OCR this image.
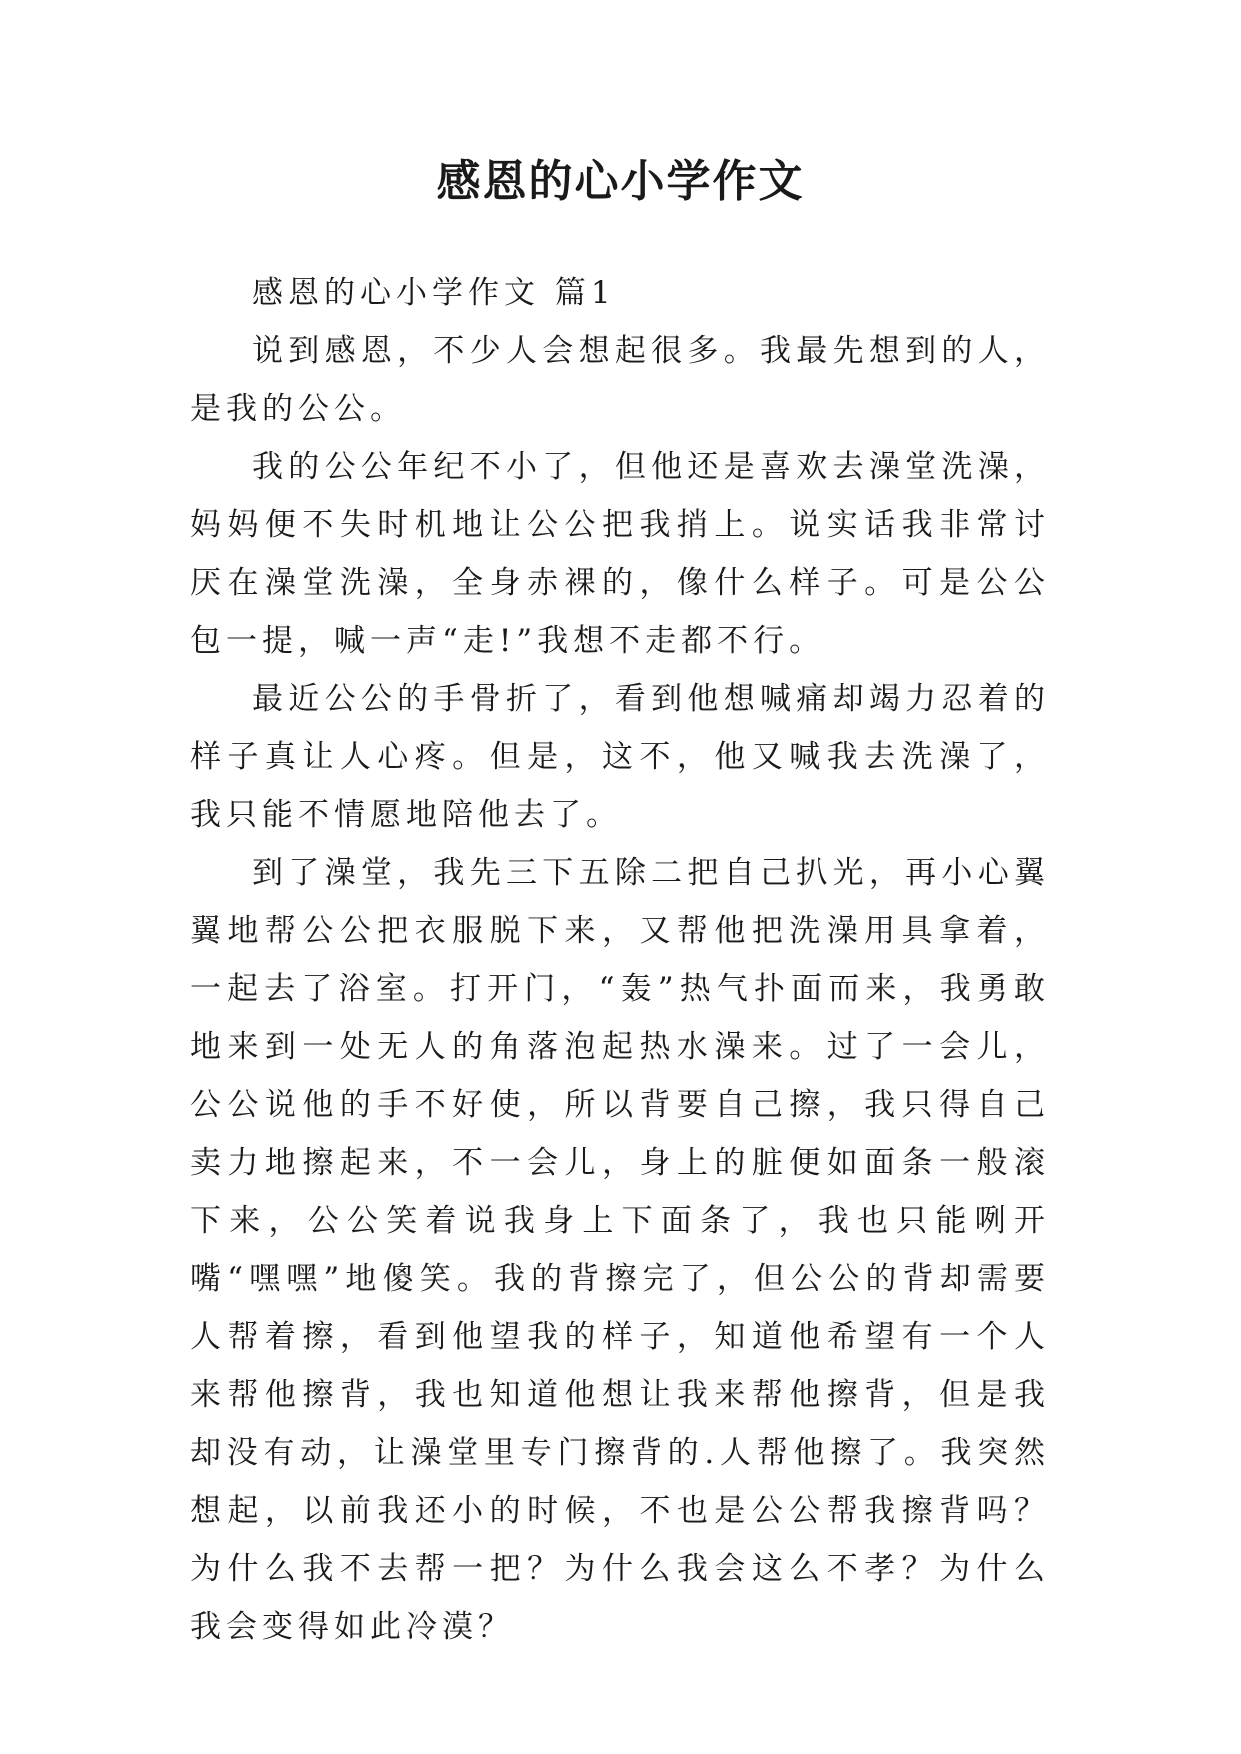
感恩的心小学作文

感恩的心小学作文 篇1

说到感恩，不少人会想起很多。我最先想到的人，是我的公公。

我的公公年纪不小了，但他还是喜欢去澡堂洗澡，妈妈便不失时机地让公公把我捎上。说实话我非常讨厌在澡堂洗澡，全身赤裸的，像什么样子。可是公公包一提，喊一声“走!”我想不走都不行。

最近公公的手骨折了，看到他想喊痛却竭力忍着的样子真让人心疼。但是，这不，他又喊我去洗澡了，我只能不情愿地陪他去了。

到了澡堂，我先三下五除二把自己扒光，再小心翼翼地帮公公把衣服脱下来，又帮他把洗澡用具拿着，一起去了浴室。打开门，“轰”热气扑面而来，我勇敢地来到一处无人的角落泡起热水澡来。过了一会儿，公公说他的手不好使，所以背要自己擦，我只得自己卖力地擦起来，不一会儿，身上的脏便如面条一般滚下来，公公笑着说我身上下面条了，我也只能咧开嘴“嘿嘿”地傻笑。我的背擦完了，但公公的背却需要人帮着擦，看到他望我的样子，知道他希望有一个人来帮他擦背，我也知道他想让我来帮他擦背，但是我却没有动，让澡堂里专门擦背的.人帮他擦了。我突然想起，以前我还小的时候，不也是公公帮我擦背吗？为什么我不去帮一把？为什么我会这么不孝？为什么我会变得如此冷漠？
